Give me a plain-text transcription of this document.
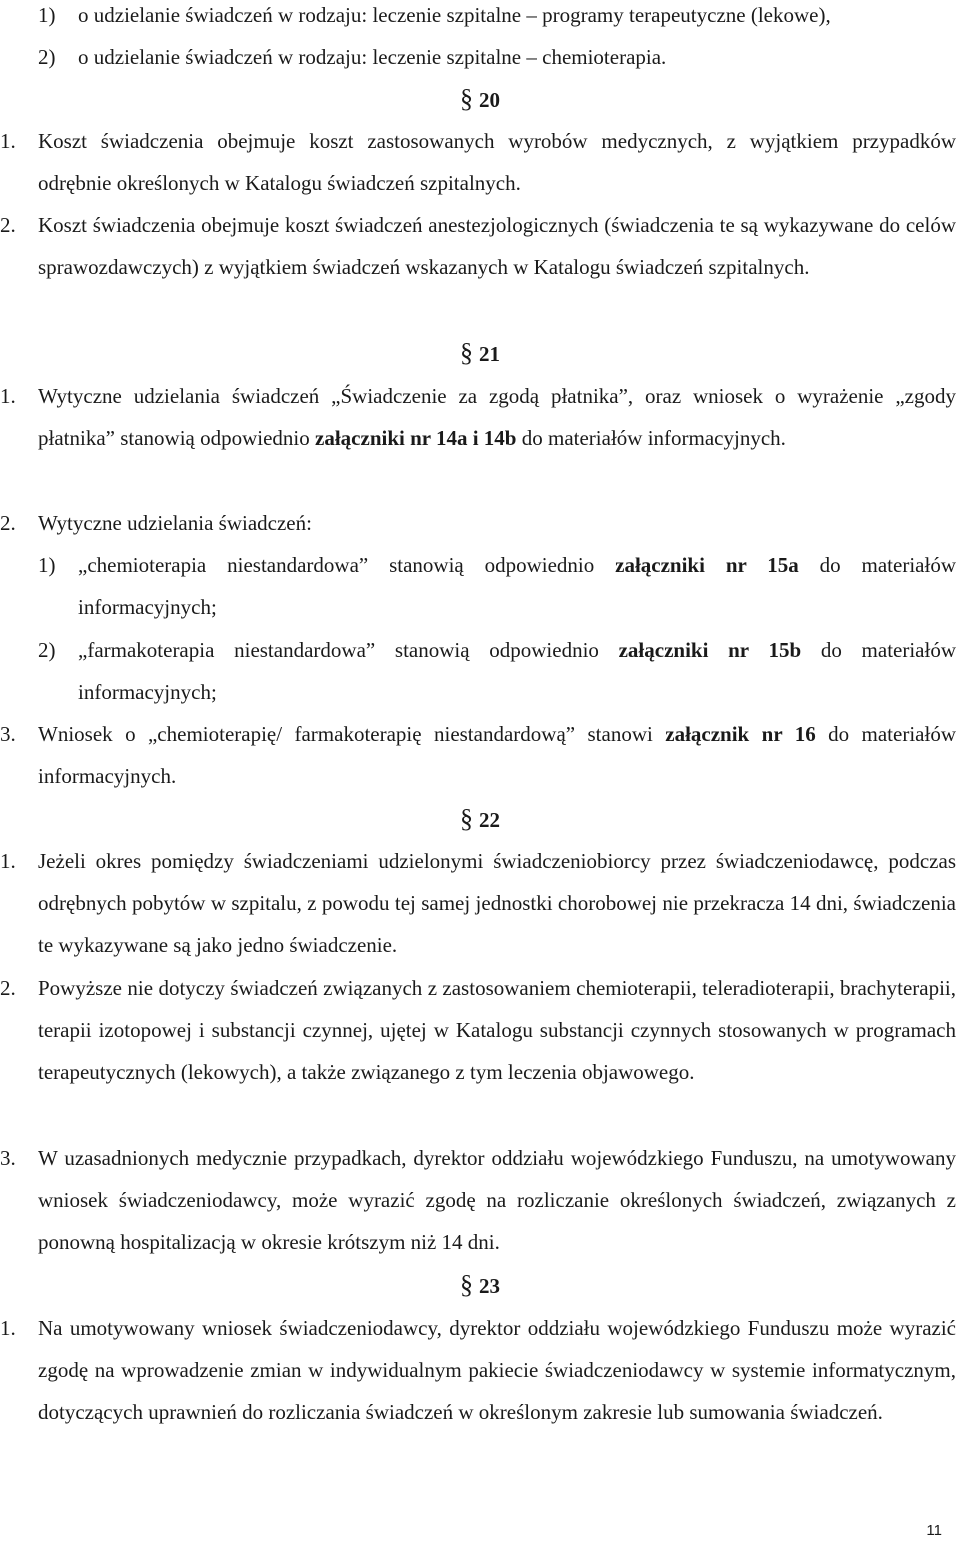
1) o udzielanie świadczeń w rodzaju: leczenie szpitalne – programy terapeutyczne (lekowe),
2) o udzielanie świadczeń w rodzaju: leczenie szpitalne – chemioterapia.
§ 20
1. Koszt świadczenia obejmuje koszt zastosowanych wyrobów medycznych, z wyjątkiem przypadków odrębnie określonych w Katalogu świadczeń szpitalnych.
2. Koszt świadczenia obejmuje koszt świadczeń anestezjologicznych (świadczenia te są wykazywane do celów sprawozdawczych) z wyjątkiem świadczeń wskazanych w Katalogu świadczeń szpitalnych.
§ 21
1. Wytyczne udzielania świadczeń „Świadczenie za zgodą płatnika”, oraz wniosek o wyrażenie „zgody płatnika” stanowią odpowiednio załączniki nr 14a i 14b do materiałów informacyjnych.
2. Wytyczne udzielania świadczeń:
1) „chemioterapia niestandardowa” stanowią odpowiednio załączniki nr 15a do materiałów informacyjnych;
2) „farmakoterapia niestandardowa” stanowią odpowiednio załączniki nr 15b do materiałów informacyjnych;
3. Wniosek o „chemioterapię/ farmakoterapię niestandardową” stanowi załącznik nr 16 do materiałów informacyjnych.
§ 22
1. Jeżeli okres pomiędzy świadczeniami udzielonymi świadczeniobiorcy przez świadczeniodawcę, podczas odrębnych pobytów w szpitalu, z powodu tej samej jednostki chorobowej nie przekracza 14 dni, świadczenia te wykazywane są jako jedno świadczenie.
2. Powyższe nie dotyczy świadczeń związanych z zastosowaniem chemioterapii, teleradioterapii, brachyterapii, terapii izotopowej i substancji czynnej, ujętej w Katalogu substancji czynnych stosowanych w programach terapeutycznych (lekowych), a także związanego z tym leczenia objawowego.
3. W uzasadnionych medycznie przypadkach, dyrektor oddziału wojewódzkiego Funduszu, na umotywowany wniosek świadczeniodawcy, może wyrazić zgodę na rozliczanie określonych świadczeń, związanych z ponowną hospitalizacją w okresie krótszym niż 14 dni.
§ 23
1. Na umotywowany wniosek świadczeniodawcy, dyrektor oddziału wojewódzkiego Funduszu może wyrazić zgodę na wprowadzenie zmian w indywidualnym pakiecie świadczeniodawcy w systemie informatycznym, dotyczących uprawnień do rozliczania świadczeń w określonym zakresie lub sumowania świadczeń.
11
